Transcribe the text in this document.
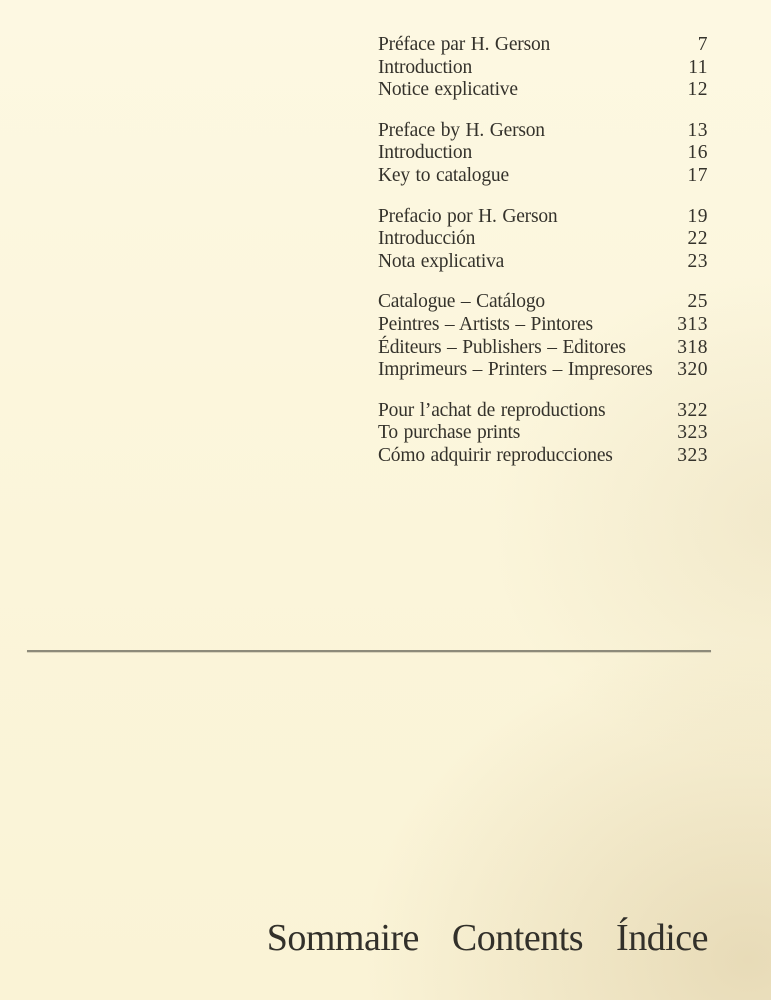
Préface par H. Gerson	7
Introduction	11
Notice explicative	12
Preface by H. Gerson	13
Introduction	16
Key to catalogue	17
Prefacio por H. Gerson	19
Introducción	22
Nota explicativa	23
Catalogue – Catálogo	25
Peintres – Artists – Pintores	313
Éditeurs – Publishers – Editores	318
Imprimeurs – Printers – Impresores 320
Pour l’achat de reproductions	322
To purchase prints	323
Cómo adquirir reproducciones	323
Sommaire Contents Índice
